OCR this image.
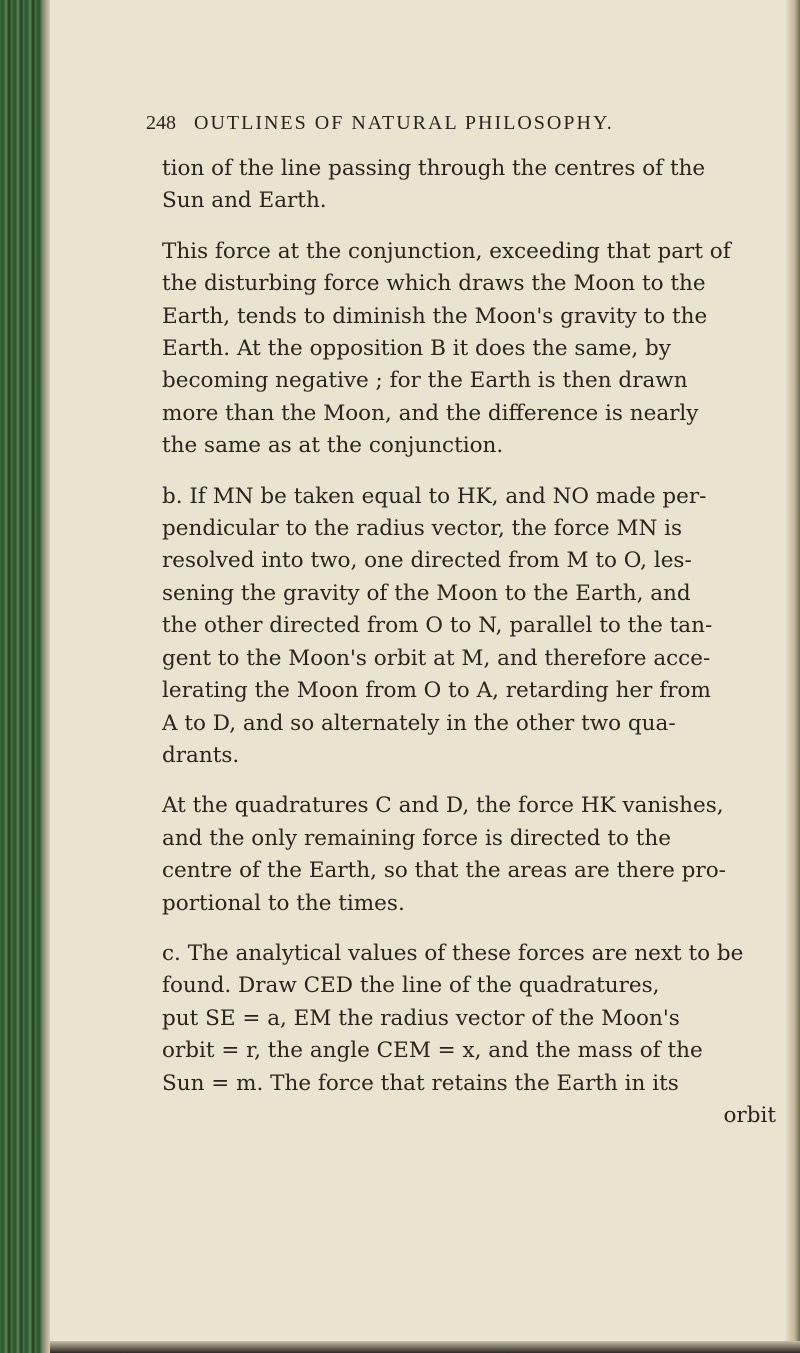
248 OUTLINES OF NATURAL PHILOSOPHY.
tion of the line passing through the centres of the
Sun and Earth.
This force at the conjunction, exceeding that part of
the disturbing force which draws the Moon to the
Earth, tends to diminish the Moon's gravity to the
Earth. At the opposition B it does the same, by
becoming negative ; for the Earth is then drawn
more than the Moon, and the difference is nearly
the same as at the conjunction.
b. If MN be taken equal to HK, and NO made per-
pendicular to the radius vector, the force MN is
resolved into two, one directed from M to O, les-
sening the gravity of the Moon to the Earth, and
the other directed from O to N, parallel to the tan-
gent to the Moon's orbit at M, and therefore acce-
lerating the Moon from O to A, retarding her from
A to D, and so alternately in the other two qua-
drants.
At the quadratures C and D, the force HK vanishes,
and the only remaining force is directed to the
centre of the Earth, so that the areas are there pro-
portional to the times.
c. The analytical values of these forces are next to be
found. Draw CED the line of the quadratures,
put SE = a, EM the radius vector of the Moon's
orbit = r, the angle CEM = x, and the mass of the
Sun = m. The force that retains the Earth in its
orbit
